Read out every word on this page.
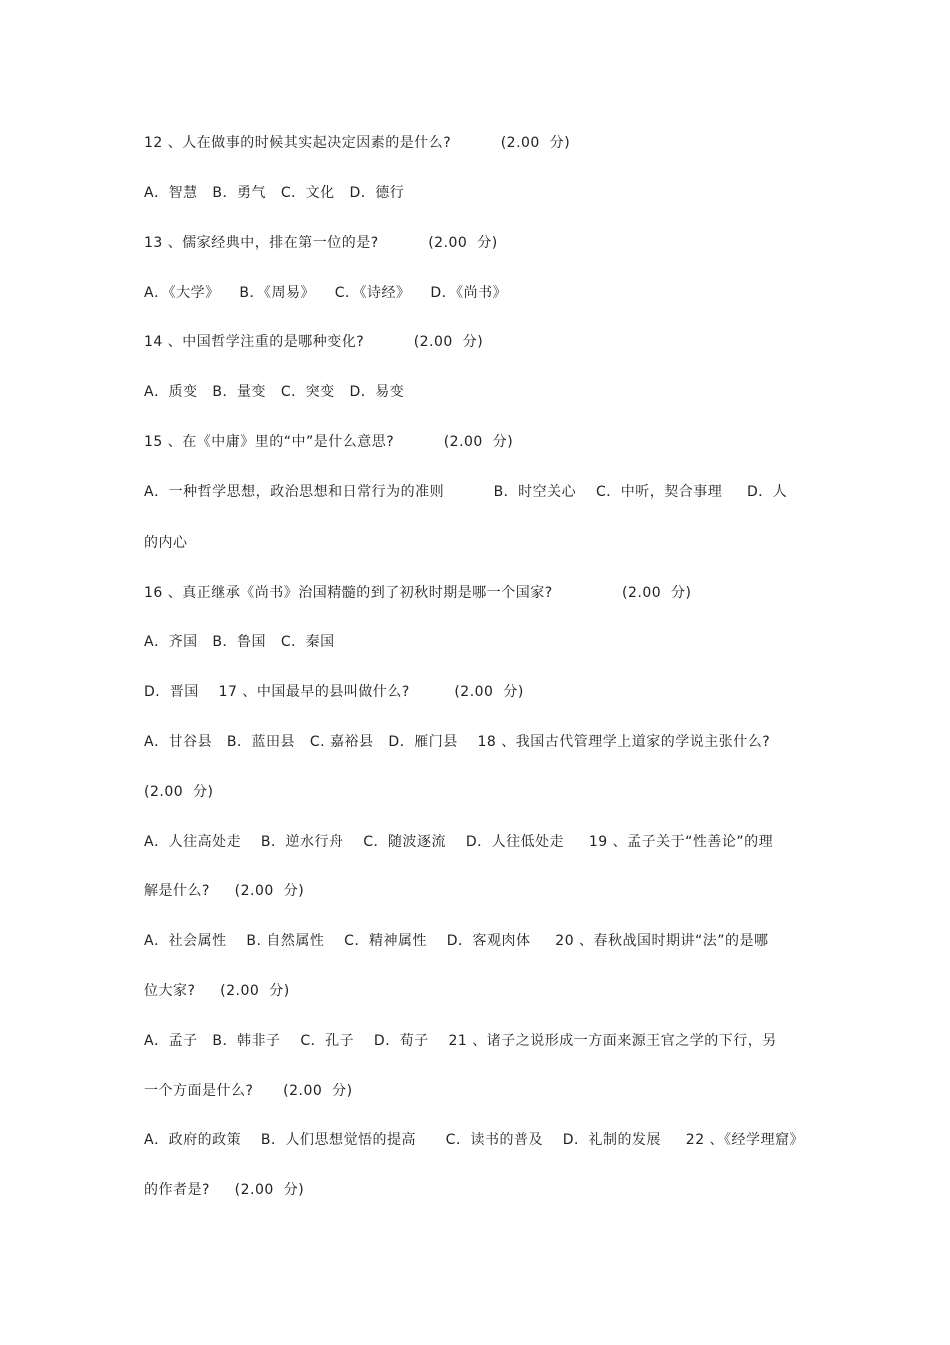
12 、人在做事的时候其实起决定因素的是什么?          (2.00  分)
A．智慧   B．勇气   C．文化   D．德行
13 、儒家经典中，排在第一位的是?          (2.00  分)
A．《大学》    B．《周易》    C．《诗经》    D．《尚书》
14 、中国哲学注重的是哪种变化?          (2.00  分)
A．质变   B．量变   C．突变   D．易变
15 、在《中庸》里的“中”是什么意思?          (2.00  分)
A．一种哲学思想，政治思想和日常行为的准则          B．时空关心    C．中听，契合事理     D．人
的内心
16 、真正继承《尚书》治国精髓的到了初秋时期是哪一个国家?              (2.00  分)
A．齐国   B．鲁国   C．秦国
D．晋国    17 、中国最早的县叫做什么?         (2.00  分)
A．甘谷县   B．蓝田县   C. 嘉裕县   D．雁门县    18 、我国古代管理学上道家的学说主张什么?
(2.00  分)
A．人往高处走    B．逆水行舟    C．随波逐流    D．人往低处走     19 、孟子关于“性善论”的理
解是什么?     (2.00  分)
A．社会属性    B. 自然属性    C．精神属性    D．客观肉体     20 、春秋战国时期讲“法”的是哪
位大家?     (2.00  分)
A．孟子   B．韩非子    C．孔子    D．荀子    21 、诸子之说形成一方面来源王官之学的下行，另
一个方面是什么?      (2.00  分)
A．政府的政策    B．人们思想觉悟的提高      C．读书的普及    D．礼制的发展     22 、《经学理窟》
的作者是?     (2.00  分)
